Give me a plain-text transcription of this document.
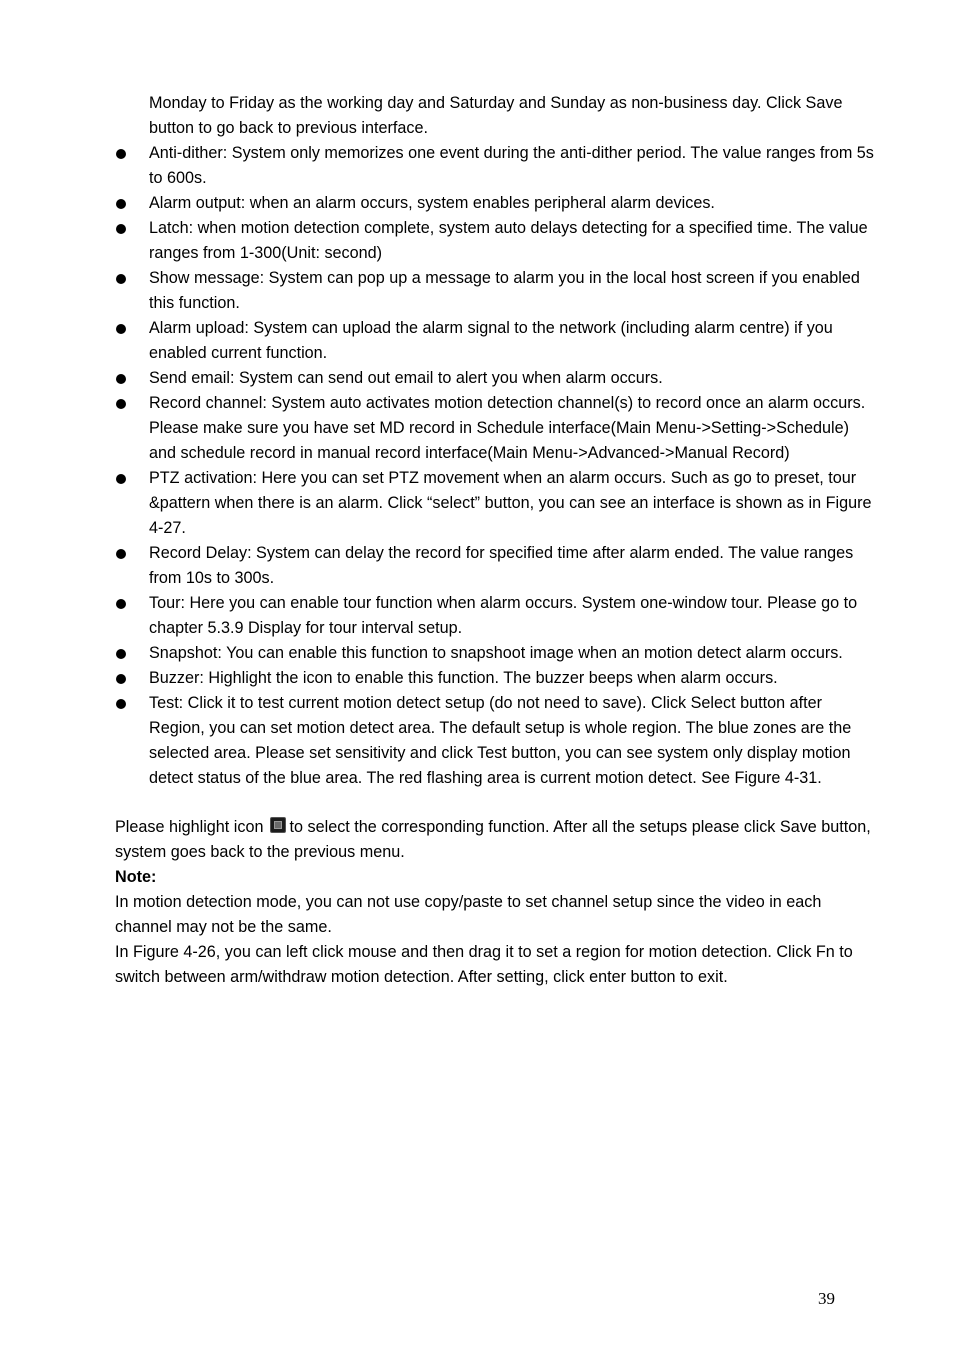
Monday to Friday as the working day and Saturday and Sunday as non-business day. Click Save button to go back to previous interface.

Anti-dither: System only memorizes one event during the anti-dither period. The value ranges from 5s to 600s.
Alarm output: when an alarm occurs, system enables peripheral alarm devices.
Latch: when motion detection complete, system auto delays detecting for a specified time. The value ranges from 1-300(Unit: second)
Show message: System can pop up a message to alarm you in the local host screen if you enabled this function.
Alarm upload: System can upload the alarm signal to the network (including alarm centre) if you enabled current function.
Send email: System can send out email to alert you when alarm occurs.
Record channel: System auto activates motion detection channel(s) to record once an alarm occurs. Please make sure you have set MD record in Schedule interface(Main Menu->Setting->Schedule) and schedule record in manual record interface(Main Menu->Advanced->Manual Record)
PTZ activation: Here you can set PTZ movement when an alarm occurs. Such as go to preset, tour &pattern when there is an alarm. Click “select” button, you can see an interface is shown as in Figure 4-27.
Record Delay: System can delay the record for specified time after alarm ended. The value ranges from 10s to 300s.
Tour: Here you can enable tour function when alarm occurs. System one-window tour. Please go to chapter 5.3.9 Display for tour interval setup.
Snapshot: You can enable this function to snapshoot image when an motion detect alarm occurs.
Buzzer: Highlight the icon to enable this function. The buzzer beeps when alarm occurs.
Test: Click it to test current motion detect setup (do not need to save). Click Select button after Region, you can set motion detect area. The default setup is whole region. The blue zones are the selected area. Please set sensitivity and click Test button, you can see system only display motion detect status of the blue area. The red flashing area is current motion detect. See Figure 4-31.

Please highlight icon to select the corresponding function. After all the setups please click Save button, system goes back to the previous menu.

Note:

In motion detection mode, you can not use copy/paste to set channel setup since the video in each channel may not be the same.

In Figure 4-26, you can left click mouse and then drag it to set a region for motion detection. Click Fn to switch between arm/withdraw motion detection. After setting, click enter button to exit.

39
